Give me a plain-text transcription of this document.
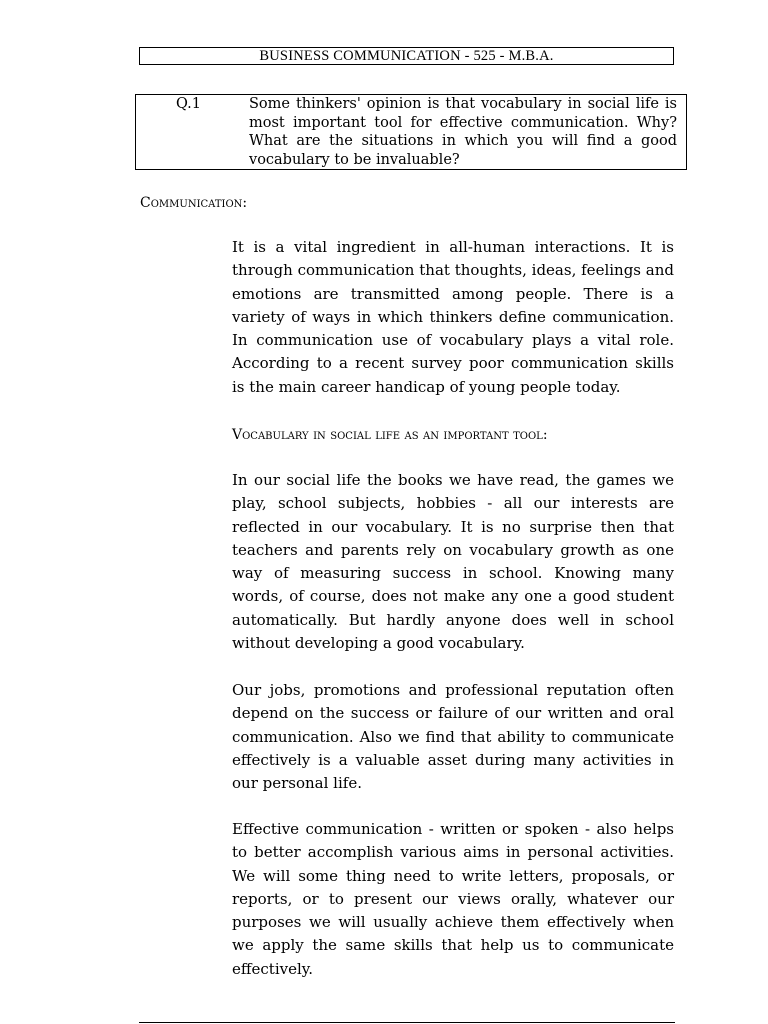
BUSINESS COMMUNICATION - 525 - M.B.A.
Q.1	Some thinkers' opinion is that vocabulary in social life is most important tool for effective communication. Why? What are the situations in which you will find a good vocabulary to be invaluable?
Communication:

It is a vital ingredient in all-human interactions. It is through communication that thoughts, ideas, feelings and emotions are transmitted among people. There is a variety of ways in which thinkers define communication. In communication use of vocabulary plays a vital role. According to a recent survey poor communication skills is the main career handicap of young people today.

Vocabulary in social life as an important tool:

In our social life the books we have read, the games we play, school subjects, hobbies - all our interests are reflected in our vocabulary. It is no surprise then that teachers and parents rely on vocabulary growth as one way of measuring success in school. Knowing many words, of course, does not make any one a good student automatically. But hardly anyone does well in school without developing a good vocabulary.

Our jobs, promotions and professional reputation often depend on the success or failure of our written and oral communication. Also we find that ability to communicate effectively is a valuable asset during many activities in our personal life.

Effective communication - written or spoken - also helps to better accomplish various aims in personal activities. We will some thing need to write letters, proposals, or reports, or to present our views orally, whatever our purposes we will usually achieve them effectively when we apply the same skills that help us to communicate effectively.
